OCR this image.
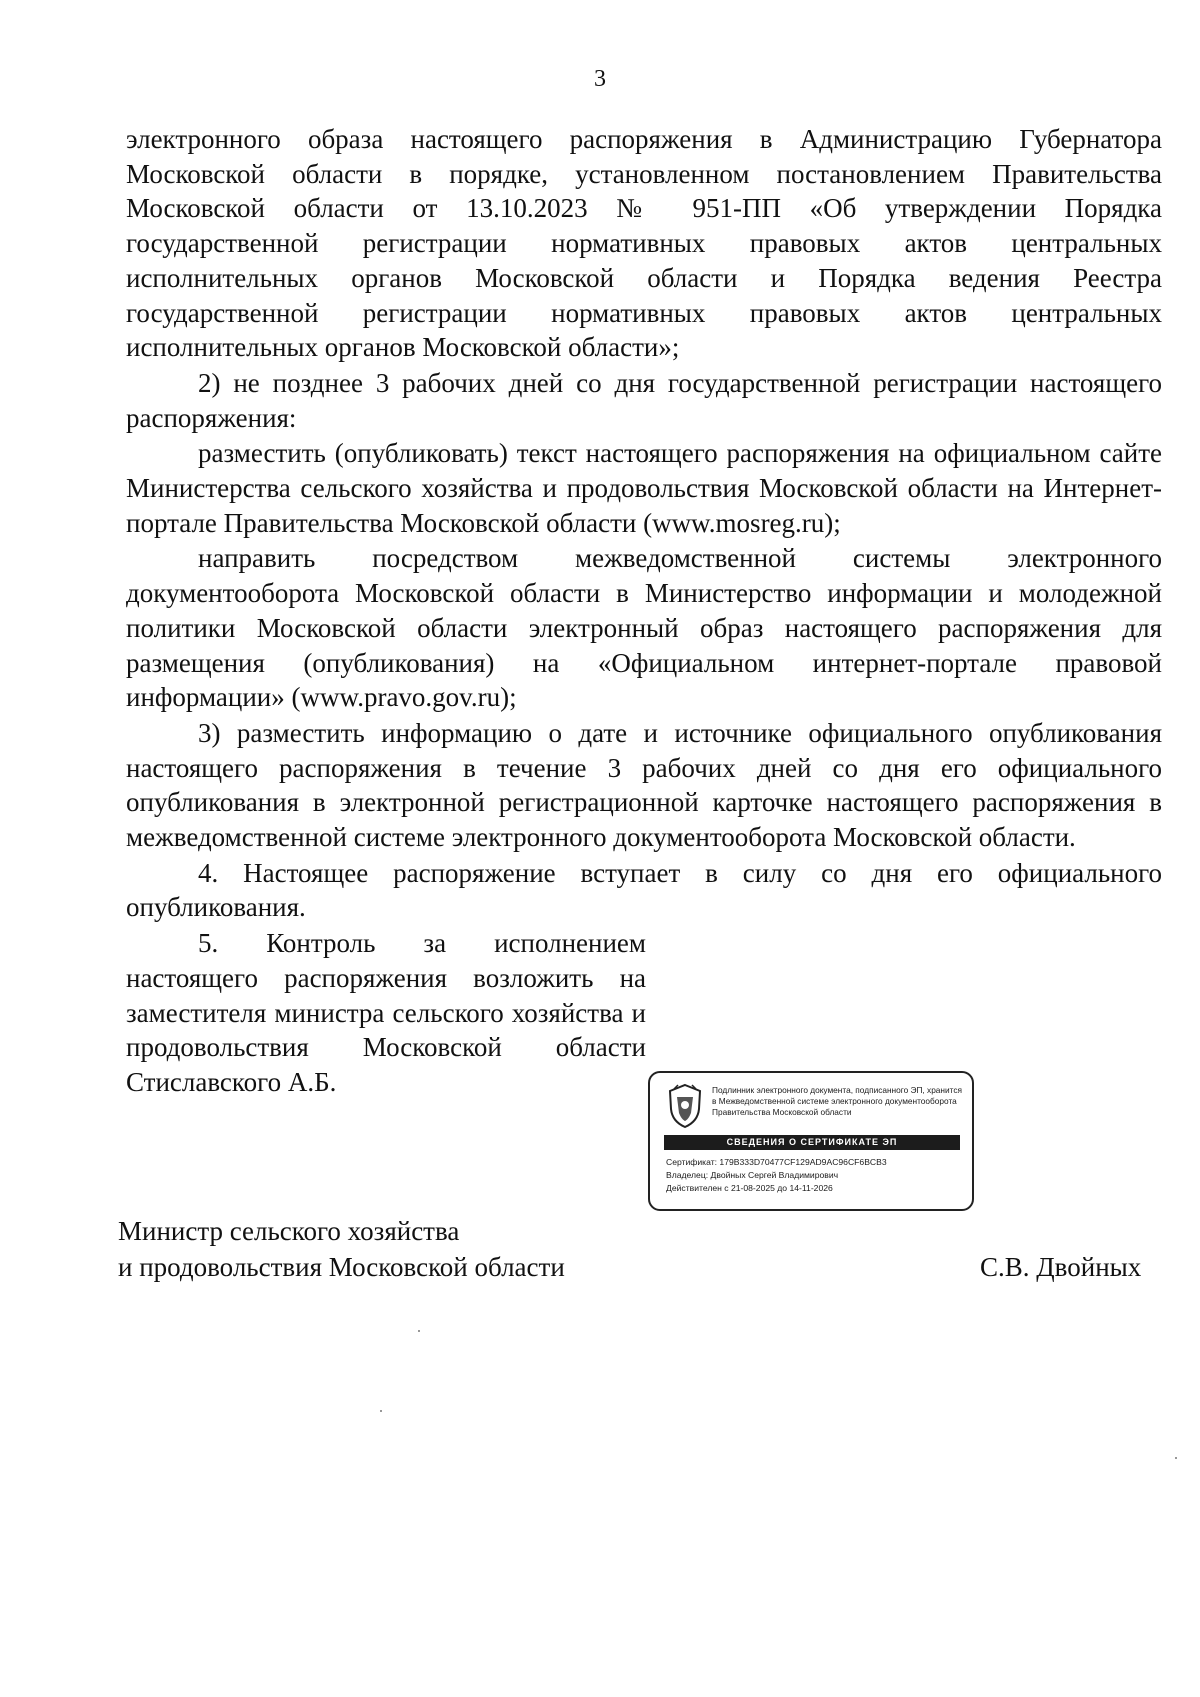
3

электронного образа настоящего распоряжения в Администрацию Губернатора Московской области в порядке, установленном постановлением Правительства Московской области от 13.10.2023 № 951-ПП «Об утверждении Порядка государственной регистрации нормативных правовых актов центральных исполнительных органов Московской области и Порядка ведения Реестра государственной регистрации нормативных правовых актов центральных исполнительных органов Московской области»;

2) не позднее 3 рабочих дней со дня государственной регистрации настоящего распоряжения:

разместить (опубликовать) текст настоящего распоряжения на официальном сайте Министерства сельского хозяйства и продовольствия Московской области на Интернет-портале Правительства Московской области (www.mosreg.ru);

направить посредством межведомственной системы электронного документооборота Московской области в Министерство информации и молодежной политики Московской области электронный образ настоящего распоряжения для размещения (опубликования) на «Официальном интернет-портале правовой информации» (www.pravo.gov.ru);

3) разместить информацию о дате и источнике официального опубликования настоящего распоряжения в течение 3 рабочих дней со дня его официального опубликования в электронной регистрационной карточке настоящего распоряжения в межведомственной системе электронного документооборота Московской области.

4. Настоящее распоряжение вступает в силу со дня его официального опубликования.

5. Контроль за исполнением настоящего распоряжения возложить на заместителя министра сельского хозяйства и продовольствия Московской области Стиславского А.Б.	Подлинник электронного документа, подписанного ЭП, хранится в Межведомственной системе электронного документооборота Правительства Московской области
СВЕДЕНИЯ О СЕРТИФИКАТЕ ЭП
Сертификат: 179B333D70477CF129AD9AC96CF6BCB3
Владелец: Двойных Сергей Владимирович
Действителен с 21-08-2025 до 14-11-2026
Министр сельского хозяйства
и продовольствия Московской области	С.В. Двойных
